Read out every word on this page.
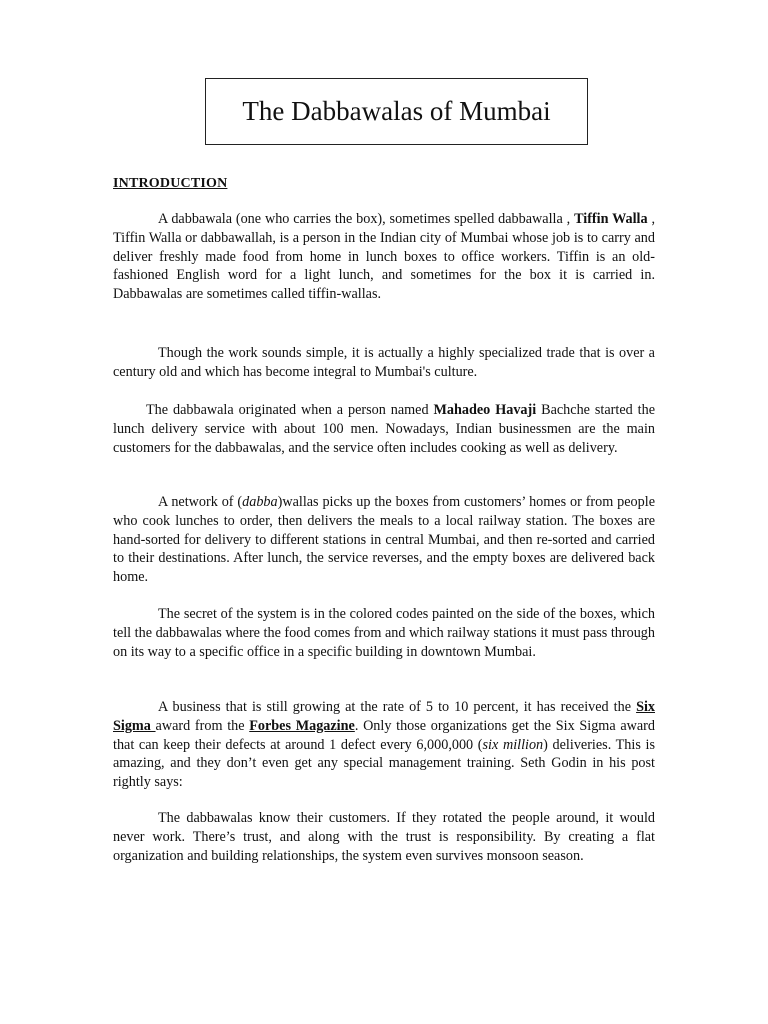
The Dabbawalas of Mumbai
INTRODUCTION

A dabbawala (one who carries the box), sometimes spelled dabbawalla , Tiffin Walla , Tiffin Walla or dabbawallah, is a person in the Indian city of Mumbai whose job is to carry and deliver freshly made food from home in lunch boxes to office workers. Tiffin is an old-fashioned English word for a light lunch, and sometimes for the box it is carried in. Dabbawalas are sometimes called tiffin-wallas.

Though the work sounds simple, it is actually a highly specialized trade that is over a century old and which has become integral to Mumbai's culture.

The dabbawala originated when a person named Mahadeo Havaji Bachche started the lunch delivery service with about 100 men. Nowadays, Indian businessmen are the main customers for the dabbawalas, and the service often includes cooking as well as delivery.

A network of (dabba)wallas picks up the boxes from customers’ homes or from people who cook lunches to order, then delivers the meals to a local railway station. The boxes are hand-sorted for delivery to different stations in central Mumbai, and then re-sorted and carried to their destinations. After lunch, the service reverses, and the empty boxes are delivered back home.

The secret of the system is in the colored codes painted on the side of the boxes, which tell the dabbawalas where the food comes from and which railway stations it must pass through on its way to a specific office in a specific building in downtown Mumbai.

A business that is still growing at the rate of 5 to 10 percent, it has received the Six Sigma award from the Forbes Magazine. Only those organizations get the Six Sigma award that can keep their defects at around 1 defect every 6,000,000 (six million) deliveries. This is amazing, and they don’t even get any special management training. Seth Godin in his post rightly says:

The dabbawalas know their customers. If they rotated the people around, it would never work. There’s trust, and along with the trust is responsibility. By creating a flat organization and building relationships, the system even survives monsoon season.
